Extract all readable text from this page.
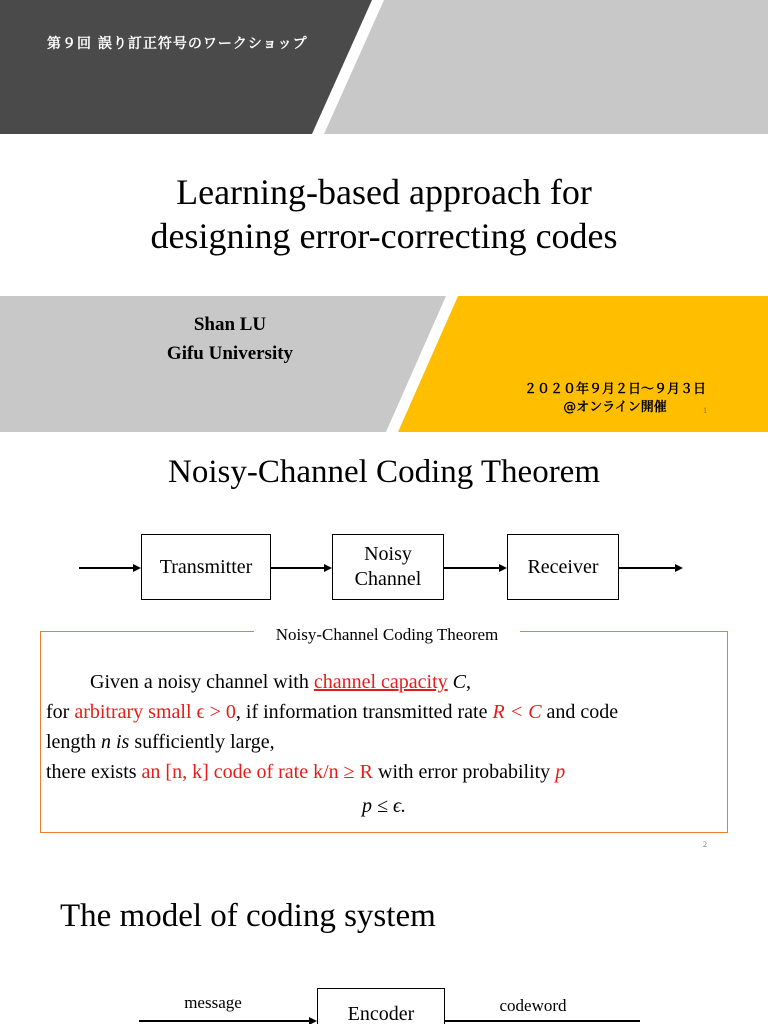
第９回 誤り訂正符号のワークショップ
Learning-based approach for
designing error-correcting codes
Shan LU
Gifu University
２０２０年９月２日〜９月３日
@オンライン開催	1
Noisy-Channel Coding Theorem
Transmitter
Noisy
Channel
Receiver
Noisy-Channel Coding Theorem
Given a noisy channel with channel capacity C,
for arbitrary small ϵ > 0, if information transmitted rate R < C and code
length n is sufficiently large,
there exists an [n, k] code of rate k/n ≥ R with error probability p
p ≤ ϵ.
2
The model of coding system
message	Encoder	codeword
